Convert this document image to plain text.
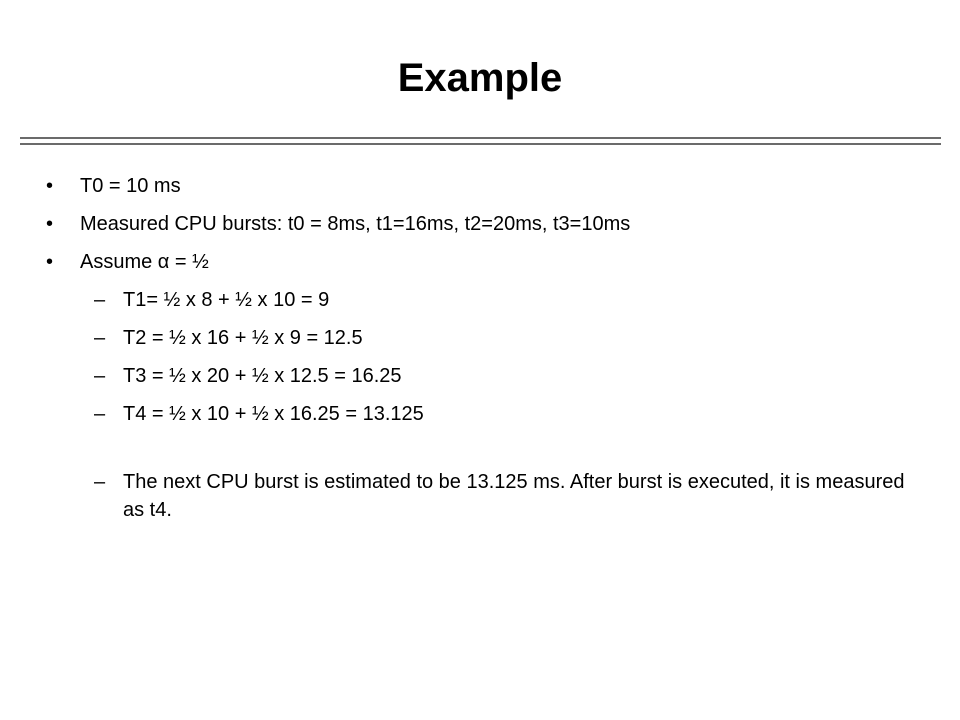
Example
• T0 = 10 ms
• Measured CPU bursts: t0 = 8ms, t1=16ms, t2=20ms, t3=10ms
• Assume α = ½
– T1= ½ x 8 + ½ x 10 = 9
– T2 = ½ x 16 + ½ x 9 = 12.5
– T3 = ½ x 20 + ½ x 12.5 = 16.25
– T4 = ½ x 10 + ½ x 16.25 = 13.125
– The next CPU burst is estimated to be 13.125 ms. After burst is executed, it is measured as t4.
